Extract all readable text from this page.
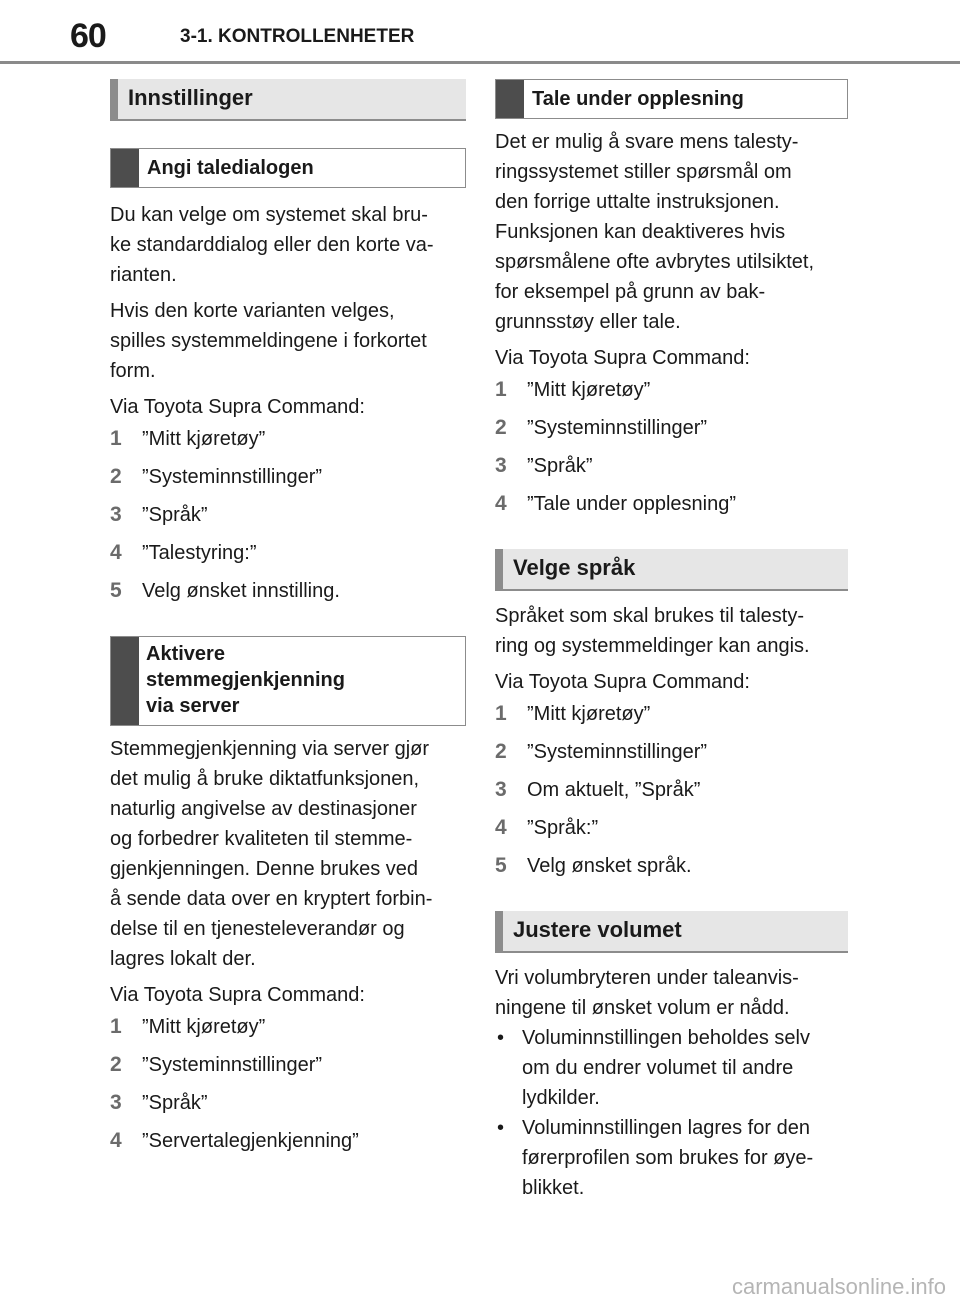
60	3-1. KONTROLLENHETER
Innstillinger
Angi taledialogen

Du kan velge om systemet skal bru-
ke standarddialog eller den korte va-
rianten.

Hvis den korte varianten velges,
spilles systemmeldingene i forkortet
form.

Via Toyota Supra Command:

1	”Mitt kjøretøy”
2	”Systeminnstillinger”
3	”Språk”
4	”Talestyring:”
5	Velg ønsket innstilling.
Aktivere
stemmegjenkjenning
via server

Stemmegjenkjenning via server gjør
det mulig å bruke diktatfunksjonen,
naturlig angivelse av destinasjoner
og forbedrer kvaliteten til stemme-
gjenkjenningen. Denne brukes ved
å sende data over en kryptert forbin-
delse til en tjenesteleverandør og
lagres lokalt der.

Via Toyota Supra Command:

1	”Mitt kjøretøy”
2	”Systeminnstillinger”
3	”Språk”
4	”Servertalegjenkjenning”
Tale under opplesning

Det er mulig å svare mens talesty-
ringssystemet stiller spørsmål om
den forrige uttalte instruksjonen.
Funksjonen kan deaktiveres hvis
spørsmålene ofte avbrytes utilsiktet,
for eksempel på grunn av bak-
grunnsstøy eller tale.

Via Toyota Supra Command:

1	”Mitt kjøretøy”
2	”Systeminnstillinger”
3	”Språk”
4	”Tale under opplesning”
Velge språk

Språket som skal brukes til talesty-
ring og systemmeldinger kan angis.

Via Toyota Supra Command:

1	”Mitt kjøretøy”
2	”Systeminnstillinger”
3	Om aktuelt, ”Språk”
4	”Språk:”
5	Velg ønsket språk.
Justere volumet

Vri volumbryteren under taleanvis-
ningene til ønsket volum er nådd.

• Voluminnstillingen beholdes selv
om du endrer volumet til andre
lydkilder.
• Voluminnstillingen lagres for den
førerprofilen som brukes for øye-
blikket.
carmanualsonline.info
